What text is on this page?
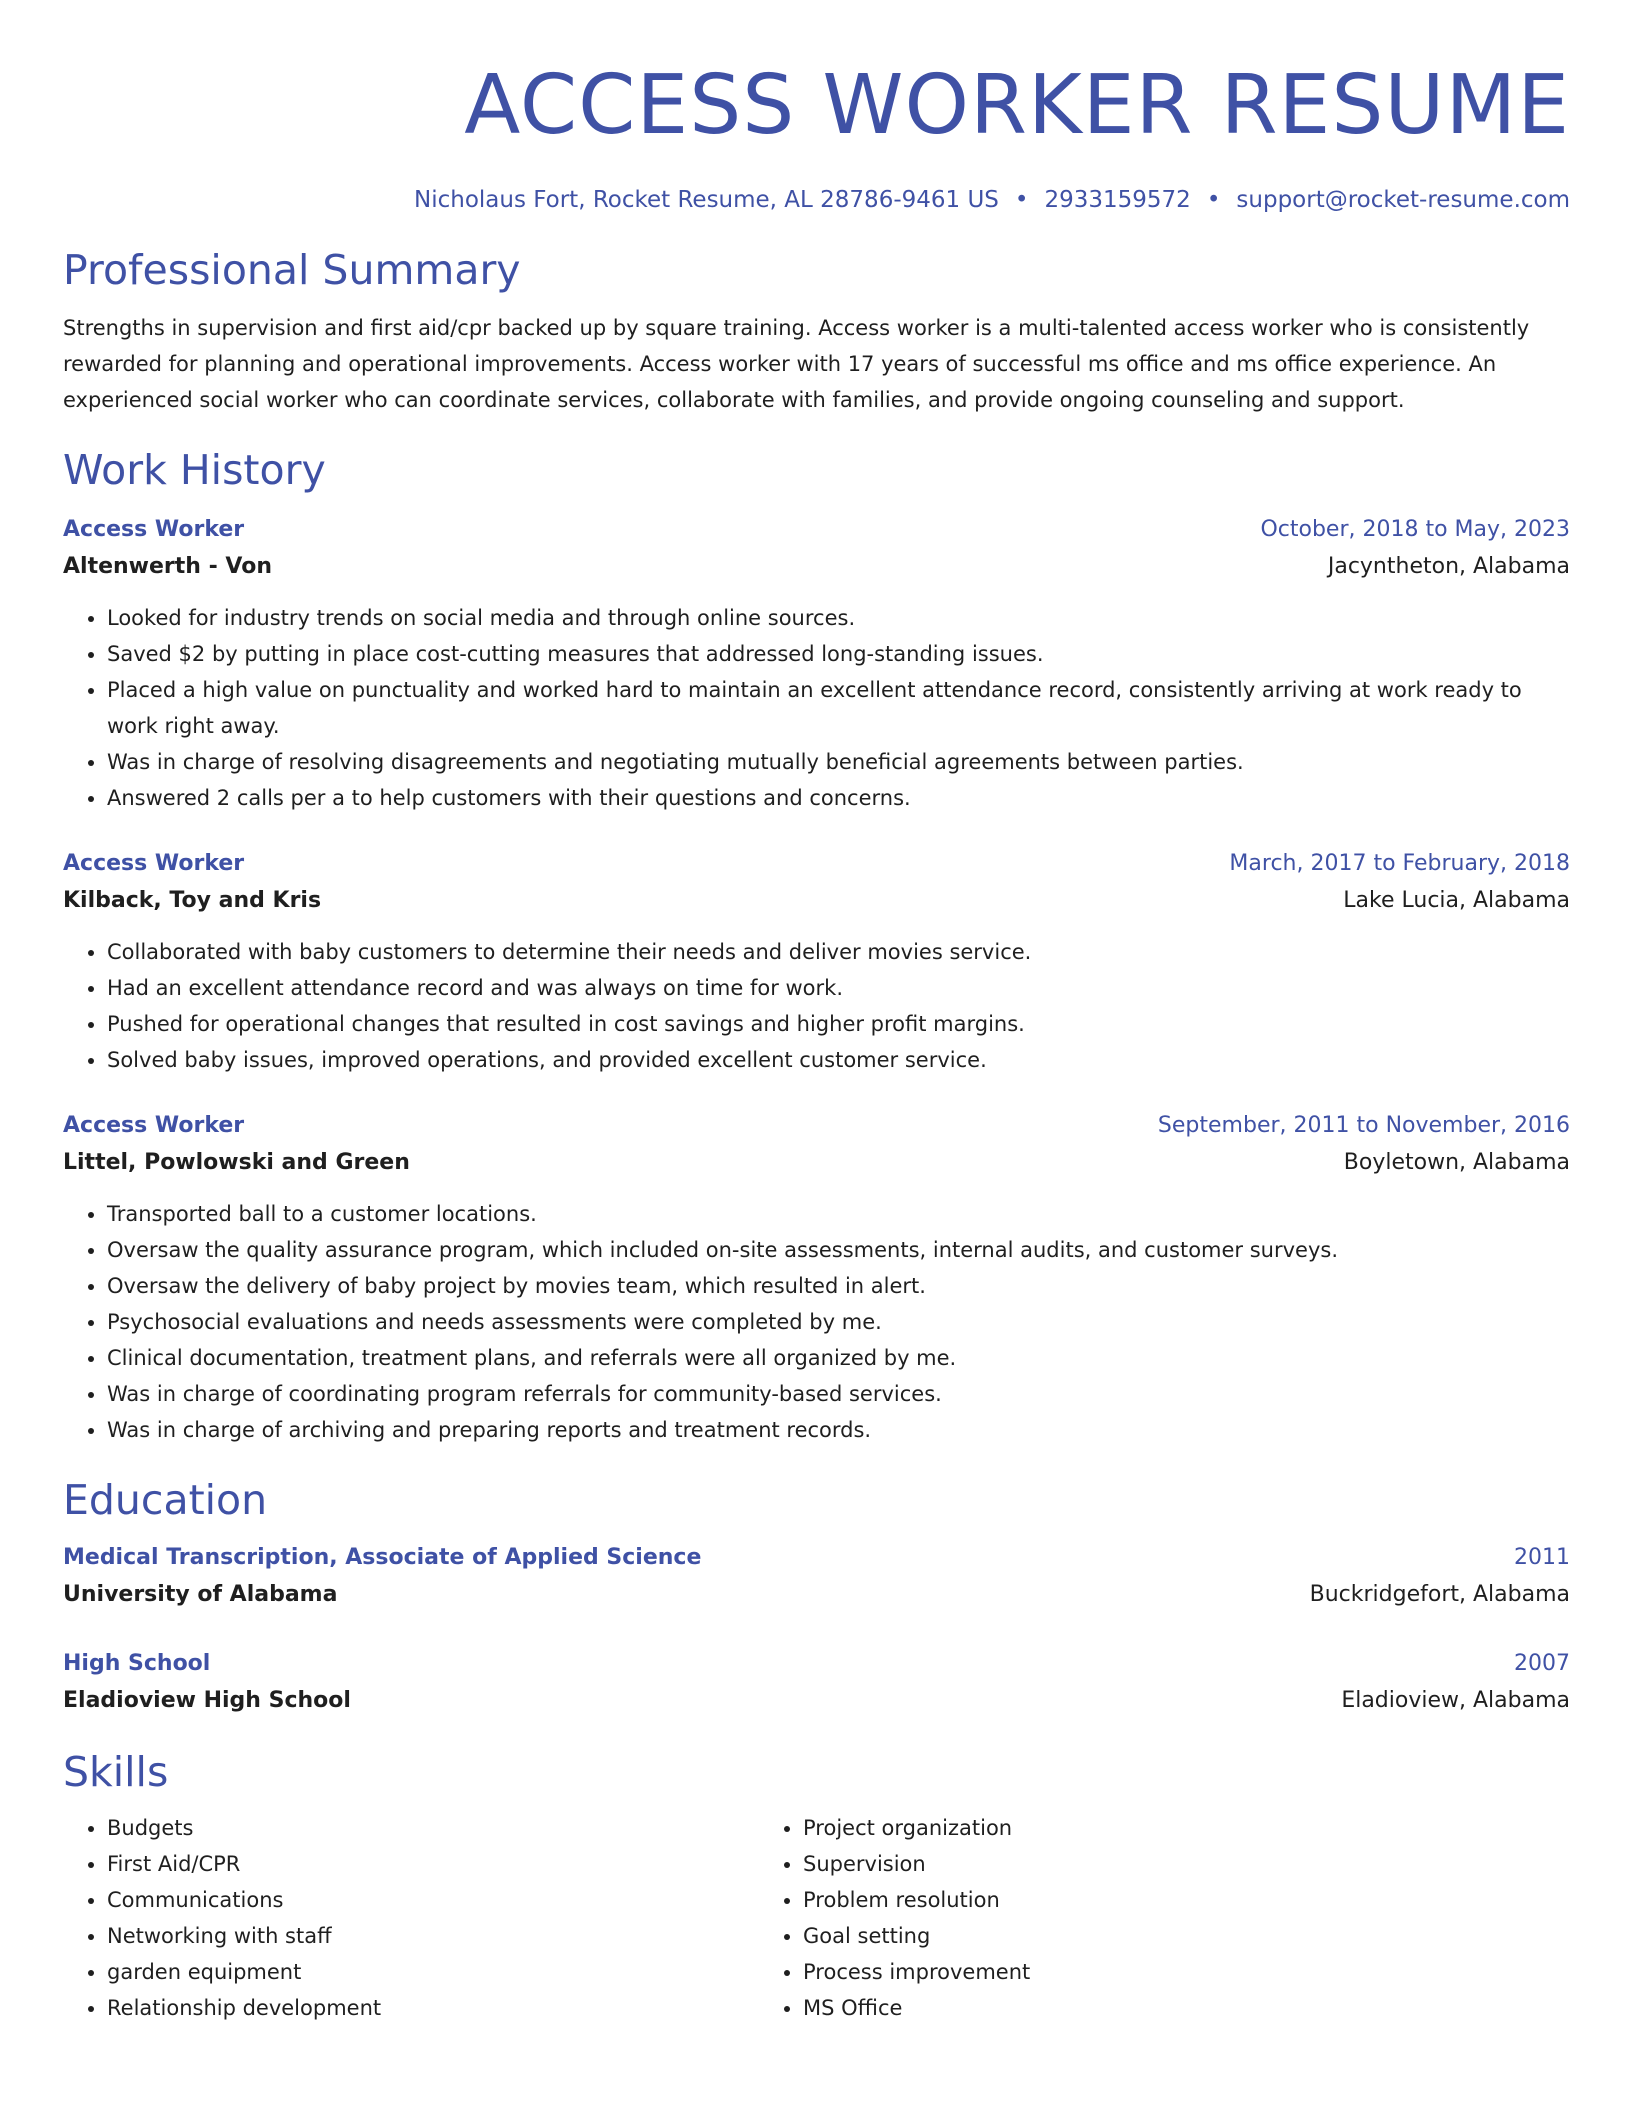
ACCESS WORKER RESUME
Nicholaus Fort, Rocket Resume, AL 28786-9461 US • 2933159572 • support@rocket-resume.com
Professional Summary
Strengths in supervision and first aid/cpr backed up by square training. Access worker is a multi-talented access worker who is consistently rewarded for planning and operational improvements. Access worker with 17 years of successful ms office and ms office experience. An experienced social worker who can coordinate services, collaborate with families, and provide ongoing counseling and support.
Work History
Access Worker	October, 2018 to May, 2023
Altenwerth - Von	Jacyntheton, Alabama
• Looked for industry trends on social media and through online sources.
• Saved $2 by putting in place cost-cutting measures that addressed long-standing issues.
• Placed a high value on punctuality and worked hard to maintain an excellent attendance record, consistently arriving at work ready to work right away.
• Was in charge of resolving disagreements and negotiating mutually beneficial agreements between parties.
• Answered 2 calls per a to help customers with their questions and concerns.
Access Worker	March, 2017 to February, 2018
Kilback, Toy and Kris	Lake Lucia, Alabama
• Collaborated with baby customers to determine their needs and deliver movies service.
• Had an excellent attendance record and was always on time for work.
• Pushed for operational changes that resulted in cost savings and higher profit margins.
• Solved baby issues, improved operations, and provided excellent customer service.
Access Worker	September, 2011 to November, 2016
Littel, Powlowski and Green	Boyletown, Alabama
• Transported ball to a customer locations.
• Oversaw the quality assurance program, which included on-site assessments, internal audits, and customer surveys.
• Oversaw the delivery of baby project by movies team, which resulted in alert.
• Psychosocial evaluations and needs assessments were completed by me.
• Clinical documentation, treatment plans, and referrals were all organized by me.
• Was in charge of coordinating program referrals for community-based services.
• Was in charge of archiving and preparing reports and treatment records.
Education
Medical Transcription, Associate of Applied Science	2011
University of Alabama	Buckridgefort, Alabama
High School	2007
Eladioview High School	Eladioview, Alabama
Skills
• Budgets
• First Aid/CPR
• Communications
• Networking with staff
• garden equipment
• Relationship development
• Project organization
• Supervision
• Problem resolution
• Goal setting
• Process improvement
• MS Office
